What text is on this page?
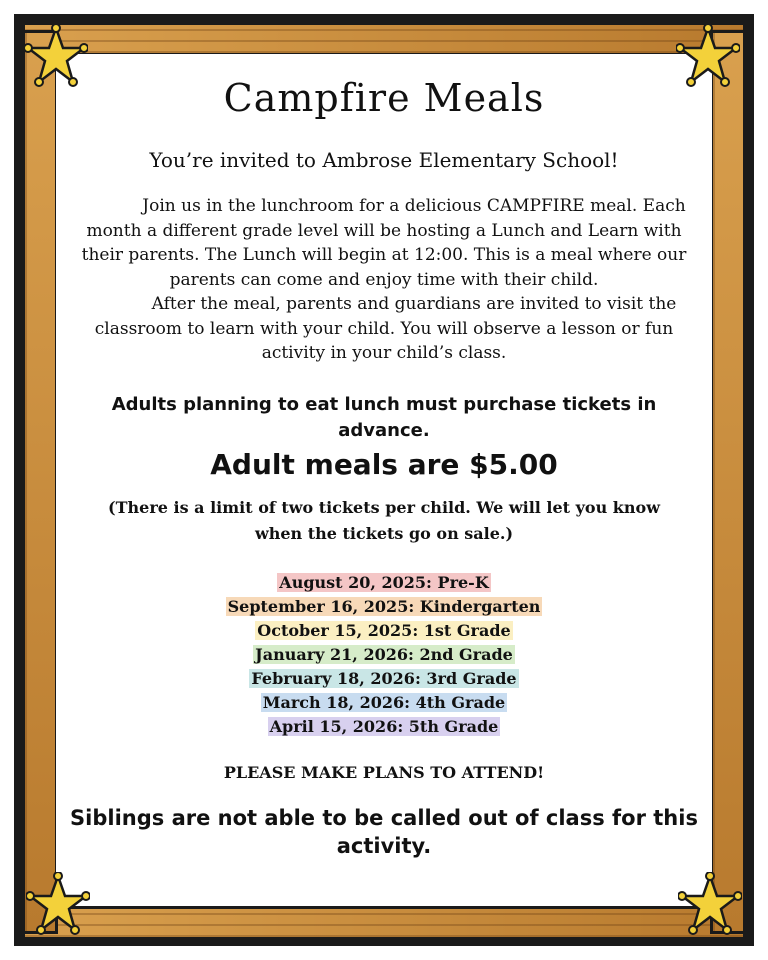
Campfire Meals
You’re invited to Ambrose Elementary School!

Join us in the lunchroom for a delicious CAMPFIRE meal. Each month a different grade level will be hosting a Lunch and Learn with their parents. The Lunch will begin at 12:00. This is a meal where our parents can come and enjoy time with their child.

After the meal, parents and guardians are invited to visit the classroom to learn with your child. You will observe a lesson or fun activity in your child’s class.

Adults planning to eat lunch must purchase tickets in advance.
Adult meals are $5.00
(There is a limit of two tickets per child. We will let you know when the tickets go on sale.)
August 20, 2025: Pre-K
September 16, 2025: Kindergarten
October 15, 2025: 1st Grade
January 21, 2026: 2nd Grade
February 18, 2026: 3rd Grade
March 18, 2026: 4th Grade
April 15, 2026: 5th Grade
PLEASE MAKE PLANS TO ATTEND!
Siblings are not able to be called out of class for this activity.
